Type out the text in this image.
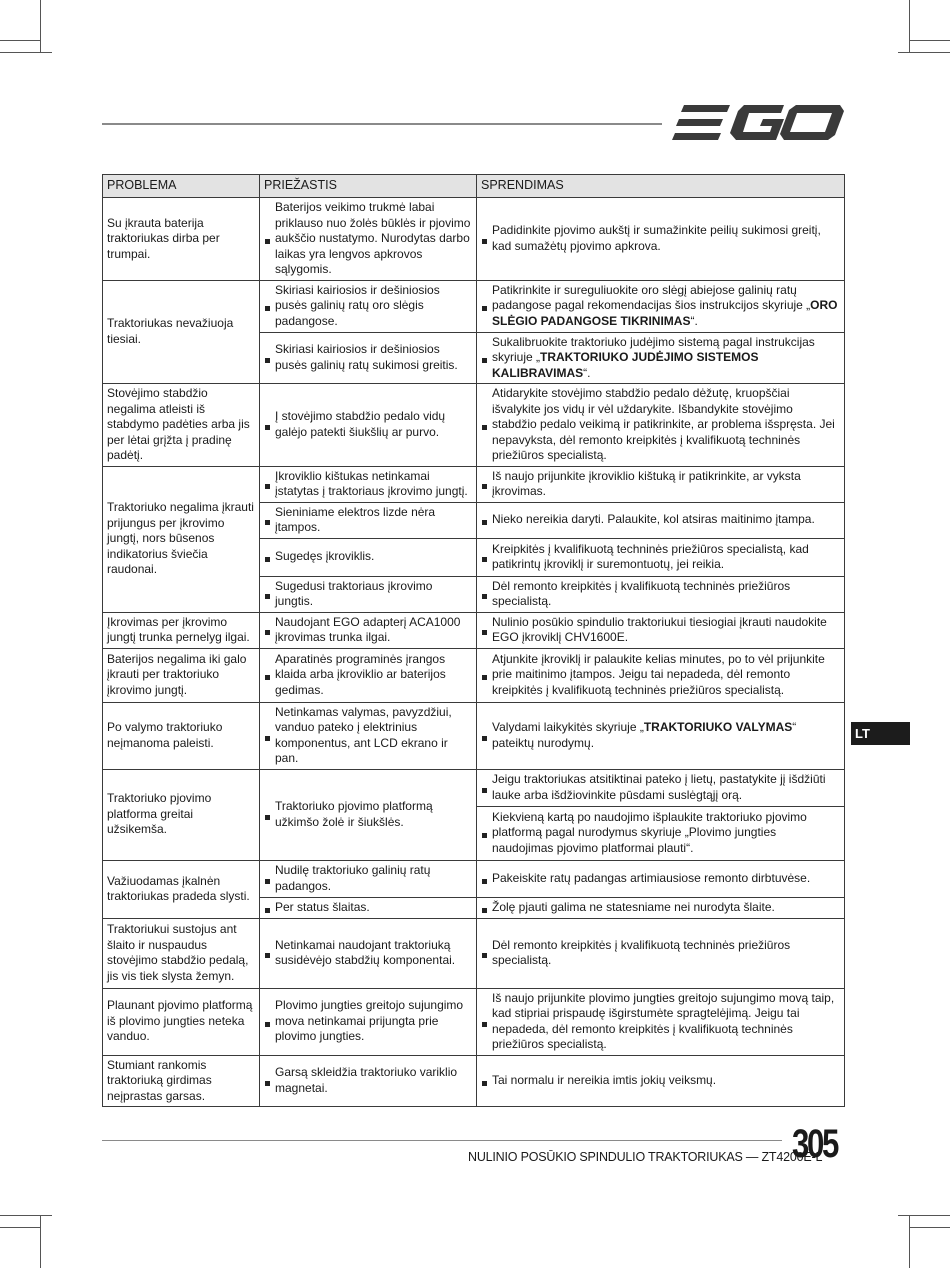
PROBLEMA	PRIEŽASTIS	SPRENDIMAS
Su įkrauta baterija traktoriukas dirba per trumpai.	Baterijos veikimo trukmė labai priklauso nuo žolės būklės ir pjovimo aukščio nustatymo. Nurodytas darbo laikas yra lengvos apkrovos sąlygomis.	Padidinkite pjovimo aukštį ir sumažinkite peilių sukimosi greitį, kad sumažėtų pjovimo apkrova.
Traktoriukas nevažiuoja tiesiai.	Skiriasi kairiosios ir dešiniosios pusės galinių ratų oro slėgis padangose.	Patikrinkite ir sureguliuokite oro slėgį abiejose galinių ratų padangose pagal rekomendacijas šios instrukcijos skyriuje „ORO SLĖGIO PADANGOSE TIKRINIMAS“.
	Skiriasi kairiosios ir dešiniosios pusės galinių ratų sukimosi greitis.	Sukalibruokite traktoriuko judėjimo sistemą pagal instrukcijas skyriuje „TRAKTORIUKO JUDĖJIMO SISTEMOS KALIBRAVIMAS“.
Stovėjimo stabdžio negalima atleisti iš stabdymo padėties arba jis per lėtai grįžta į pradinę padėtį.	Į stovėjimo stabdžio pedalo vidų galėjo patekti šiukšlių ar purvo.	Atidarykite stovėjimo stabdžio pedalo dėžutę, kruopščiai išvalykite jos vidų ir vėl uždarykite. Išbandykite stovėjimo stabdžio pedalo veikimą ir patikrinkite, ar problema išspręsta. Jei nepavyksta, dėl remonto kreipkitės į kvalifikuotą techninės priežiūros specialistą.
Traktoriuko negalima įkrauti prijungus per įkrovimo jungtį, nors būsenos indikatorius šviečia raudonai.	Įkroviklio kištukas netinkamai įstatytas į traktoriaus įkrovimo jungtį.	Iš naujo prijunkite įkroviklio kištuką ir patikrinkite, ar vyksta įkrovimas.
	Sieniniame elektros lizde nėra įtampos.	Nieko nereikia daryti. Palaukite, kol atsiras maitinimo įtampa.
	Sugedęs įkroviklis.	Kreipkitės į kvalifikuotą techninės priežiūros specialistą, kad patikrintų įkroviklį ir suremontuotų, jei reikia.
	Sugedusi traktoriaus įkrovimo jungtis.	Dėl remonto kreipkitės į kvalifikuotą techninės priežiūros specialistą.
Įkrovimas per įkrovimo jungtį trunka pernelyg ilgai.	Naudojant EGO adapterį ACA1000 įkrovimas trunka ilgai.	Nulinio posūkio spindulio traktoriukui tiesiogiai įkrauti naudokite EGO įkroviklį CHV1600E.
Baterijos negalima iki galo įkrauti per traktoriuko įkrovimo jungtį.	Aparatinės programinės įrangos klaida arba įkroviklio ar baterijos gedimas.	Atjunkite įkroviklį ir palaukite kelias minutes, po to vėl prijunkite prie maitinimo įtampos. Jeigu tai nepadeda, dėl remonto kreipkitės į kvalifikuotą techninės priežiūros specialistą.
Po valymo traktoriuko neįmanoma paleisti.	Netinkamas valymas, pavyzdžiui, vanduo pateko į elektrinius komponentus, ant LCD ekrano ir pan.	Valydami laikykitės skyriuje „TRAKTORIUKO VALYMAS“ pateiktų nurodymų.
Traktoriuko pjovimo platforma greitai užsikemša.	Traktoriuko pjovimo platformą užkimšo žolė ir šiukšlės.	Jeigu traktoriukas atsitiktinai pateko į lietų, pastatykite jį išdžiūti lauke arba išdžiovinkite pūsdami suslėgtąjį orą.
		Kiekvieną kartą po naudojimo išplaukite traktoriuko pjovimo platformą pagal nurodymus skyriuje „Plovimo jungties naudojimas pjovimo platformai plauti“.
Važiuodamas įkalnėn traktoriukas pradeda slysti.	Nudilę traktoriuko galinių ratų padangos.	Pakeiskite ratų padangas artimiausiose remonto dirbtuvėse.
	Per status šlaitas.	Žolę pjauti galima ne statesniame nei nurodyta šlaite.
Traktoriukui sustojus ant šlaito ir nuspaudus stovėjimo stabdžio pedalą, jis vis tiek slysta žemyn.	Netinkamai naudojant traktoriuką susidėvėjo stabdžių komponentai.	Dėl remonto kreipkitės į kvalifikuotą techninės priežiūros specialistą.
Plaunant pjovimo platformą iš plovimo jungties neteka vanduo.	Plovimo jungties greitojo sujungimo mova netinkamai prijungta prie plovimo jungties.	Iš naujo prijunkite plovimo jungties greitojo sujungimo movą taip, kad stipriai prispaudę išgirstumėte spragtelėjimą. Jeigu tai nepadeda, dėl remonto kreipkitės į kvalifikuotą techninės priežiūros specialistą.
Stumiant rankomis traktoriuką girdimas neįprastas garsas.	Garsą skleidžia traktoriuko variklio magnetai.	Tai normalu ir nereikia imtis jokių veiksmų.
LT
NULINIO POSŪKIO SPINDULIO TRAKTORIUKAS — ZT4200E-L
305
